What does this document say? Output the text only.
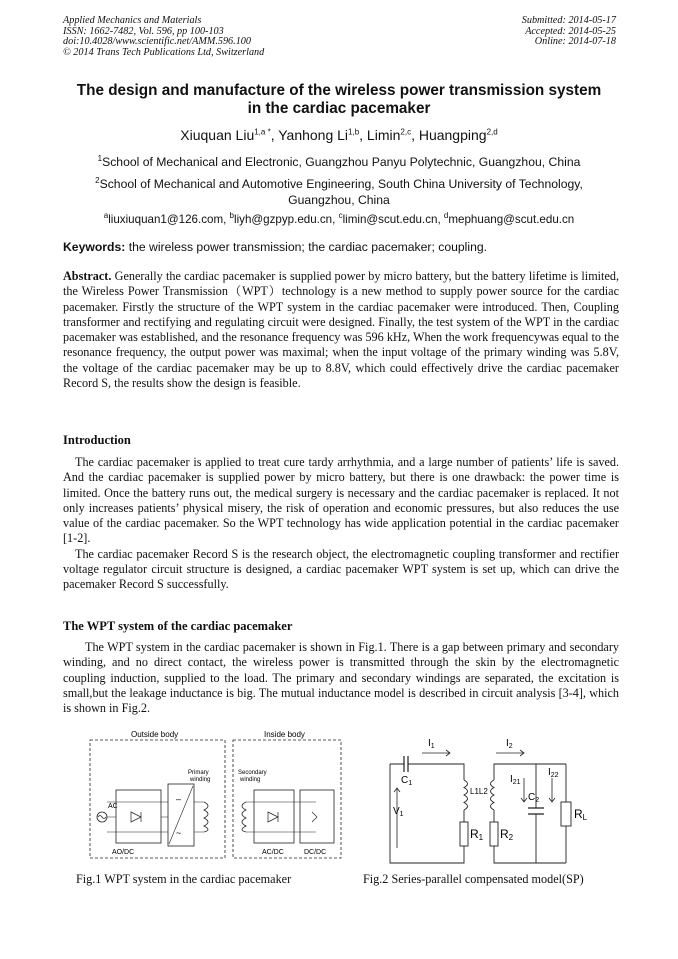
Applied Mechanics and Materials
ISSN: 1662-7482, Vol. 596, pp 100-103
doi:10.4028/www.scientific.net/AMM.596.100
© 2014 Trans Tech Publications Ltd, Switzerland
Submitted: 2014-05-17
Accepted: 2014-05-25
Online: 2014-07-18
The design and manufacture of the wireless power transmission system
in the cardiac pacemaker
Xiuquan Liu$^{1,a *}$, Yanhong Li$^{1,b}$, Limin$^{2,c}$, Huangping$^{2,d}$
$^1$School of Mechanical and Electronic, Guangzhou Panyu Polytechnic, Guangzhou, China
$^2$School of Mechanical and Automotive Engineering, South China University of Technology, Guangzhou, China
$^a$liuxiuquan1@126.com, $^b$liyh@gzpyp.edu.cn, $^c$limin@scut.edu.cn, $^d$mephuang@scut.edu.cn
Keywords: the wireless power transmission; the cardiac pacemaker; coupling.

Abstract. Generally the cardiac pacemaker is supplied power by micro battery, but the battery lifetime is limited, the Wireless Power Transmission（WPT）technology is a new method to supply power source for the cardiac pacemaker. Firstly the structure of the WPT system in the cardiac pacemaker were introduced. Then, Coupling transformer and rectifying and regulating circuit were designed. Finally, the test system of the WPT in the cardiac pacemaker was established, and the resonance frequency was 596 kHz, When the work frequencywas equal to the resonance frequency, the output power was maximal; when the input voltage of the primary winding was 5.8V, the voltage of the cardiac pacemaker may be up to 8.8V, which could effectively drive the cardiac pacemaker Record S, the results show the design is feasible.

Introduction

The cardiac pacemaker is applied to treat cure tardy arrhythmia, and a large number of patients’ life is saved. And the cardiac pacemaker is supplied power by micro battery, but there is one drawback: the power time is limited. Once the battery runs out, the medical surgery is necessary and the cardiac pacemaker is replaced. It not only increases patients’ physical misery, the risk of operation and economic pressures, but also reduces the use value of the cardiac pacemaker. So the WPT technology has wide application potential in the cardiac pacemaker [1-2].

The cardiac pacemaker Record S is the research object, the electromagnetic coupling transformer and rectifier voltage regulator circuit structure is designed, a cardiac pacemaker WPT system is set up, which can drive the pacemaker Record S successfully.

The WPT system of the cardiac pacemaker

The WPT system in the cardiac pacemaker is shown in Fig.1. There is a gap between primary and secondary winding, and no direct contact, the wireless power is transmitted through the skin by the electromagnetic coupling induction, supplied to the load. The primary and secondary windings are separated, the excitation is small,but the leakage inductance is big. The mutual inductance model is described in circuit analysis [3-4], which is shown in Fig.2.

Outside body	Inside body
AC
–
~
Primary
winding
AO/DC
Secondary
winding
AC/DC	DC/DC
$I_1$	$I_2$
$C_1$
$V_1$
L1L2
$I_{21}$
$I_{22}$
$C_2$
RL
R1 R2
Fig.1 WPT system in the cardiac pacemaker	Fig.2 Series-parallel compensated model(SP)
